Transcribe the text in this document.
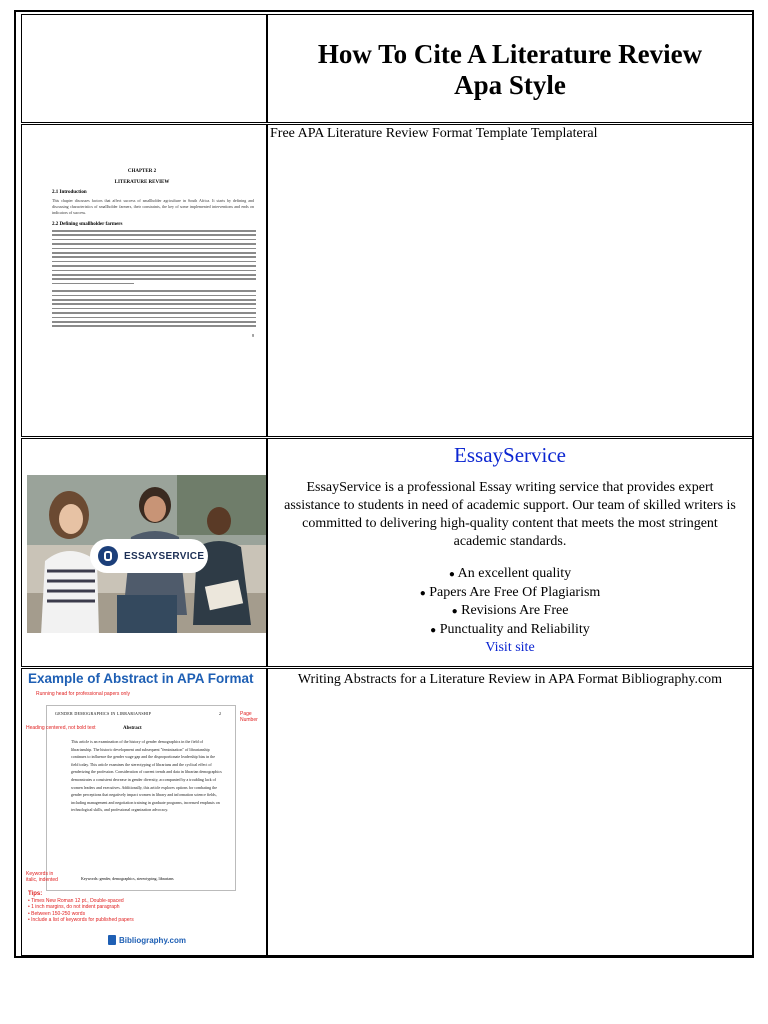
How To Cite A Literature Review
Apa Style
CHAPTER 2
LITERATURE REVIEW
2.1 Introduction
This chapter discusses factors that affect success of smallholder agriculture in South Africa. It starts by defining and discussing characteristics of smallholder farmers, their constraints, the key of some implemented interventions and ends on indicators of success.
2.2 Defining smallholder farmers
8
Free APA Literature Review Format Template Templateral
ESSAYSERVICE
EssayService
EssayService is a professional Essay writing service that provides expert assistance to students in need of academic support. Our team of skilled writers is committed to delivering high-quality content that meets the most stringent academic standards.
● An excellent quality
● Papers Are Free Of Plagiarism
● Revisions Are Free
● Punctuality and Reliability
Visit site
Example of Abstract in APA Format
Running head for professional papers only
GENDER DEMOGRAPHICS IN LIBRARIANSHIP	2
Abstract
This article is an examination of the history of gender demographics in the field of librarianship. The historic development and subsequent "feminization" of librarianship continues to influence the gender wage gap and the disproportionate leadership bias in the field today. This article examines the stereotyping of librarians and the cyclical effect of genderizing the profession. Consideration of current trends and data in librarian demographics demonstrates a consistent decrease in gender diversity, accompanied by a troubling lack of women leaders and executives. Additionally, this article explores options for combating the gender perceptions that negatively impact women in library and information science fields, including management and negotiation training in graduate programs, increased emphasis on technological skills, and professional organization advocacy.
Keywords: gender, demographics, stereotyping, librarians
Page Number
Heading centered, not bold text
Keywords in italic, indented
Tips:
• Times New Roman 12 pt., Double-spaced
• 1 inch margins, do not indent paragraph
• Between 150-250 words
• Include a list of keywords for published papers
Bibliography.com
Writing Abstracts for a Literature Review in APA Format Bibliography.com
